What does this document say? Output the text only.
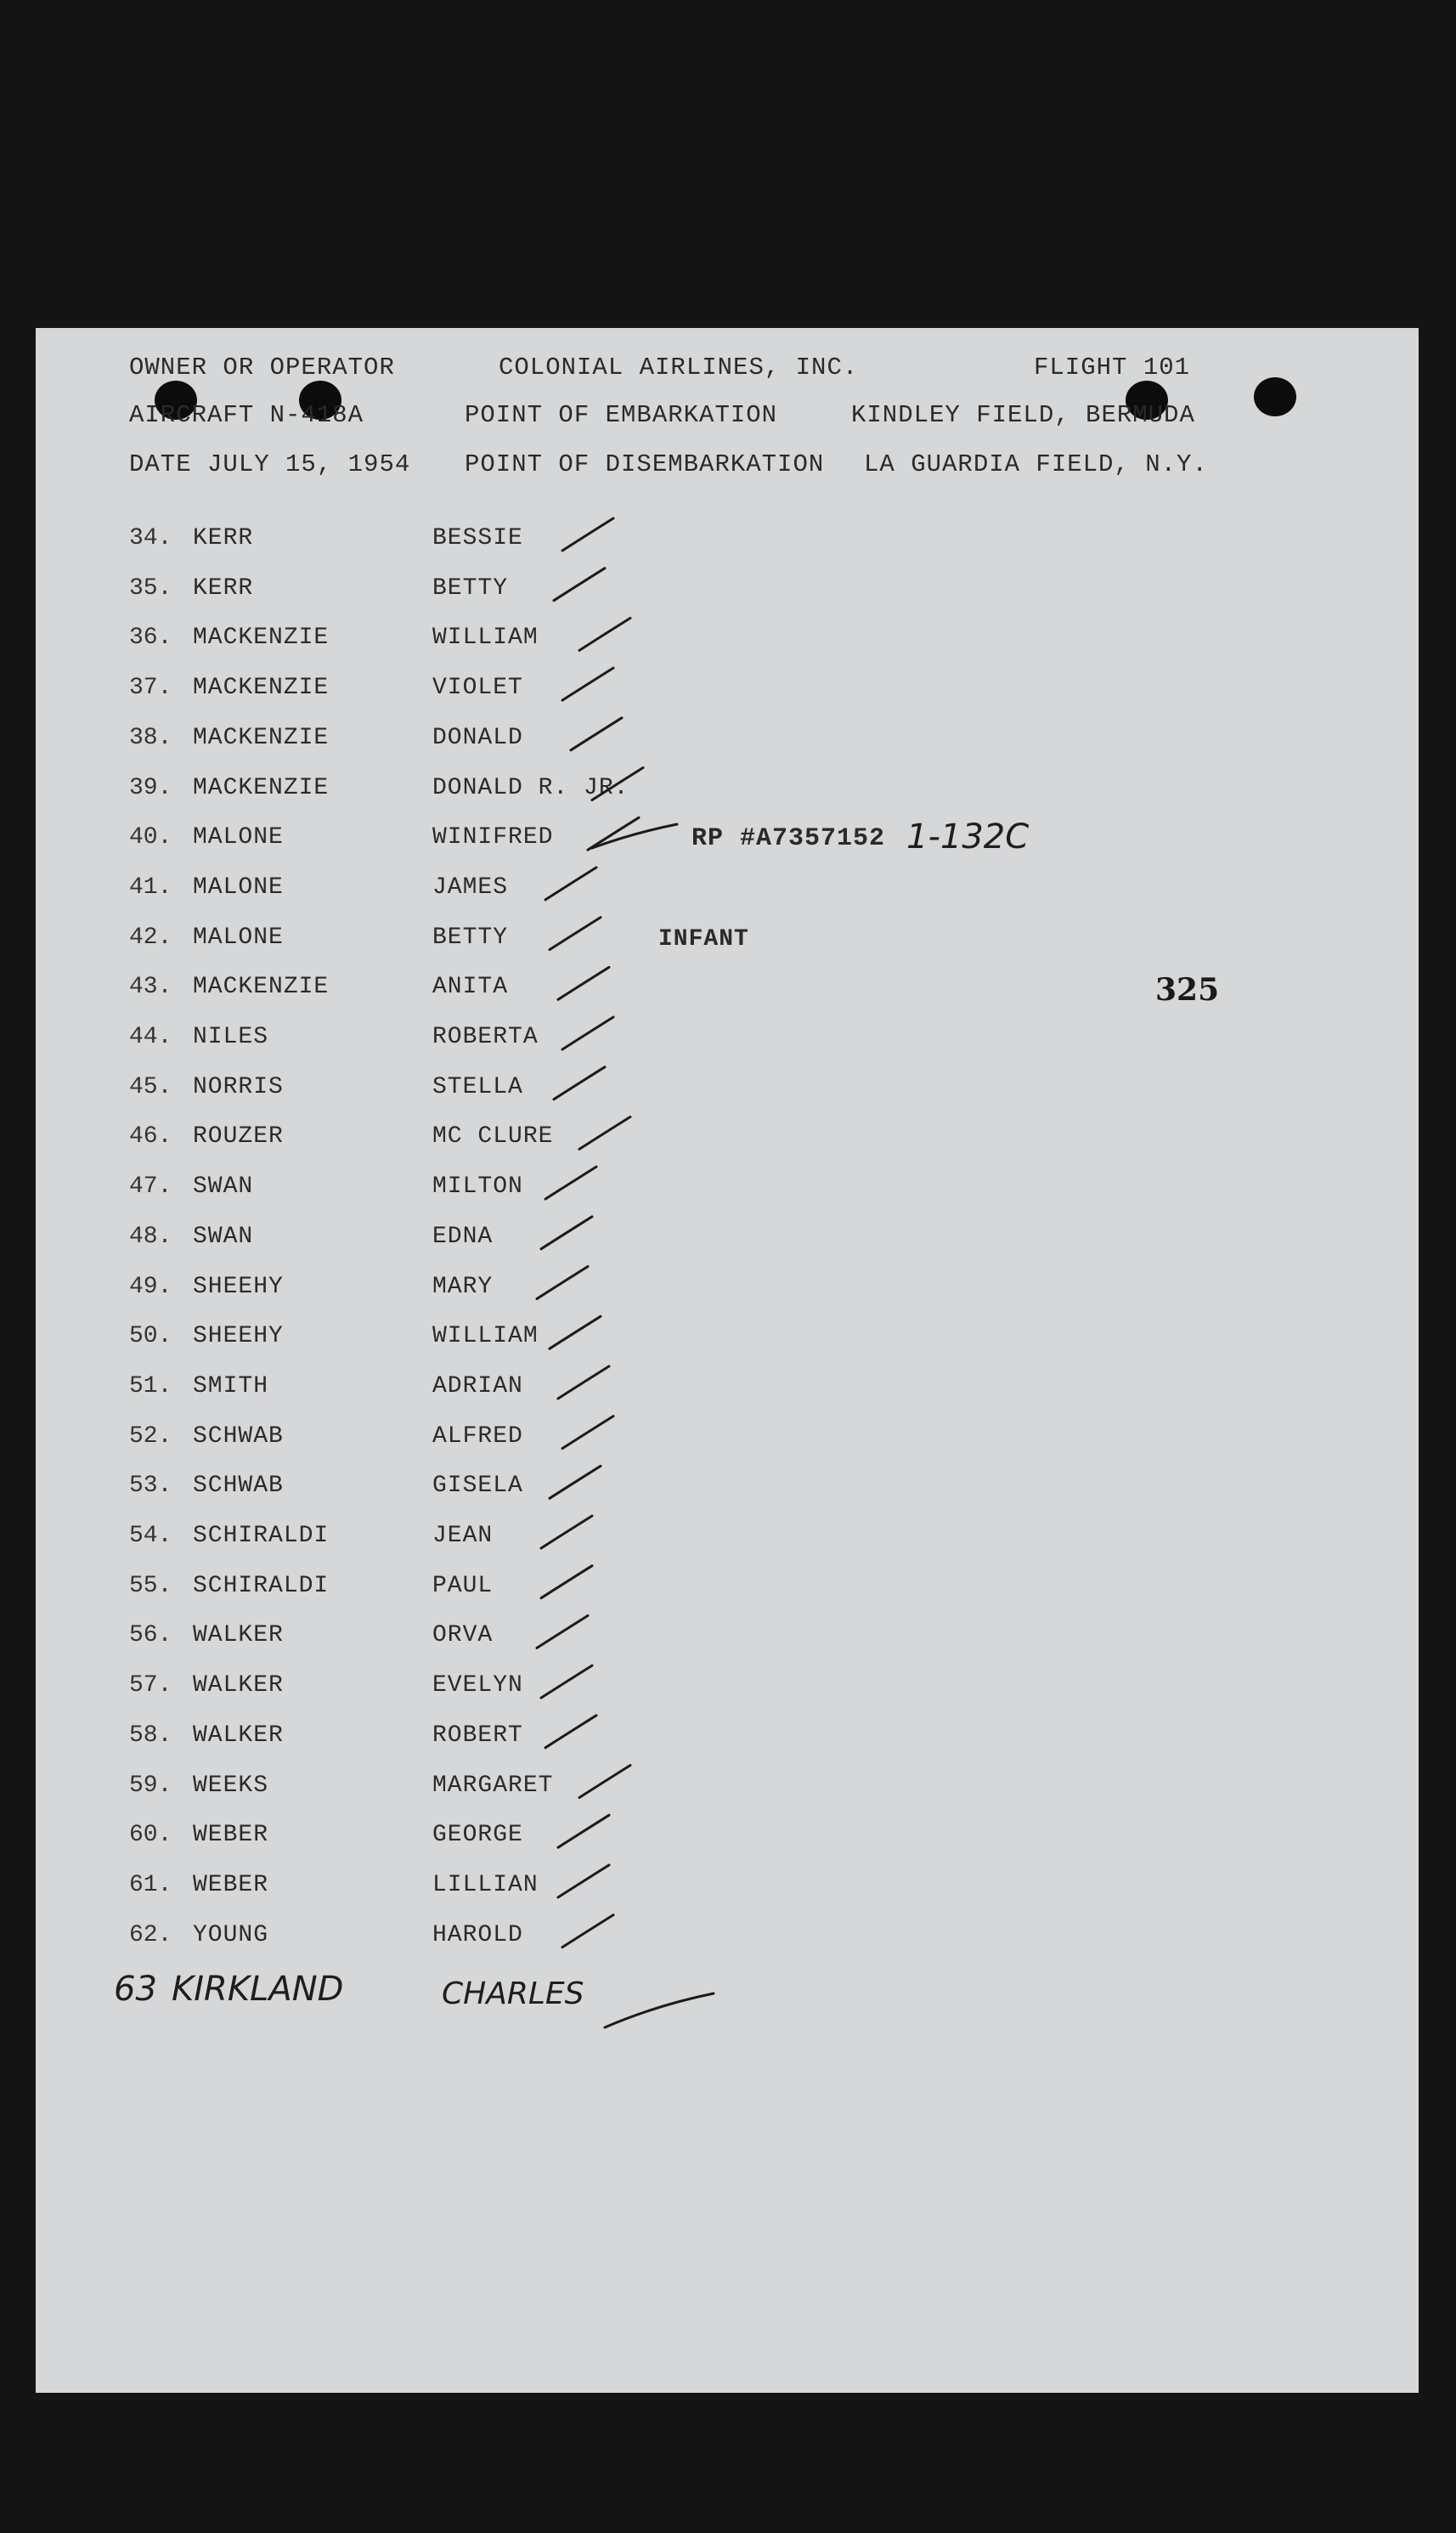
OWNER OR OPERATOR	COLONIAL AIRLINES, INC.	FLIGHT 101
AIRCRAFT N-418A	POINT OF EMBARKATION	KINDLEY FIELD, BERMUDA
DATE JULY 15, 1954 POINT OF DISEMBARKATION LA GUARDIA FIELD, N.Y.
34. KERR	BESSIE
35. KERR	BETTY
36. MACKENZIE	WILLIAM
37. MACKENZIE	VIOLET
38. MACKENZIE	DONALD
39. MACKENZIE	DONALD R. JR.
40. MALONE	WINIFRED
41. MALONE	JAMES
42. MALONE	BETTY
43. MACKENZIE	ANITA
44. NILES	ROBERTA
45. NORRIS	STELLA
46. ROUZER	MC CLURE
47. SWAN	MILTON
48. SWAN	EDNA
49. SHEEHY	MARY
50. SHEEHY	WILLIAM
51. SMITH	ADRIAN
52. SCHWAB	ALFRED
53. SCHWAB	GISELA
54. SCHIRALDI	JEAN
55. SCHIRALDI	PAUL
56. WALKER	ORVA
57. WALKER	EVELYN
58. WALKER	ROBERT
59. WEEKS	MARGARET
60. WEBER	GEORGE
61. WEBER	LILLIAN
62. YOUNG	HAROLD
63 KIRKLAND	CHARLES
RP #A7357152 1-132C
INFANT
325
